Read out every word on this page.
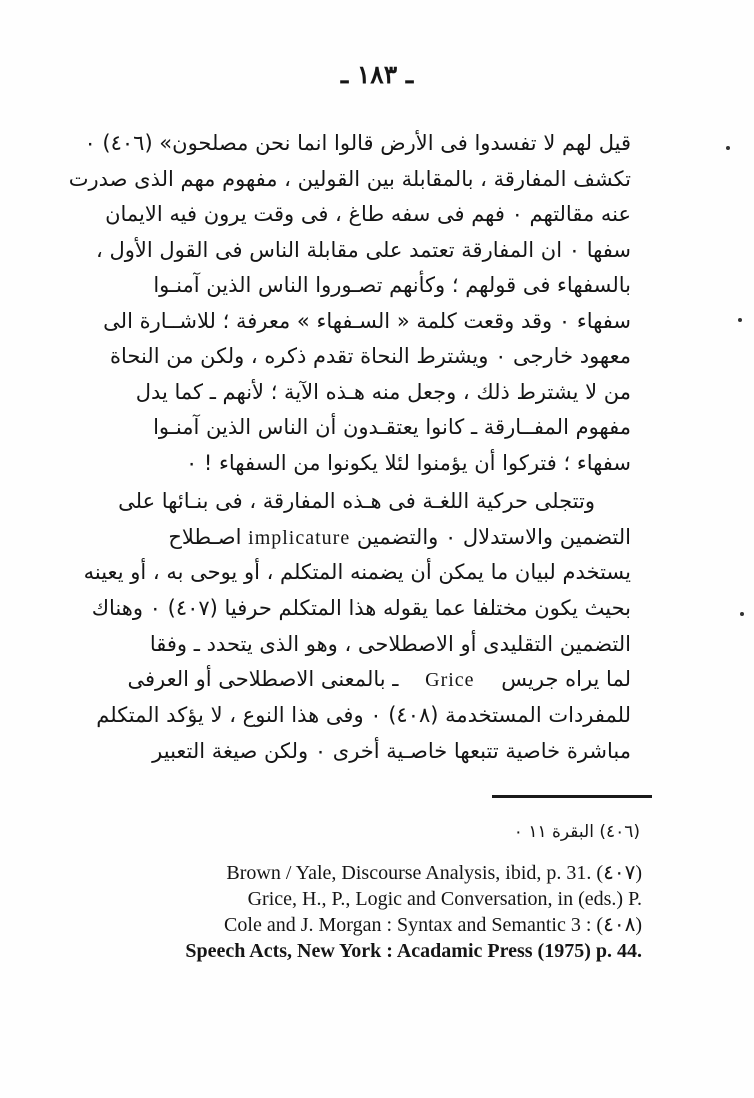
ـ ١٨٣ ـ
قيل لهم لا تفسدوا فى الأرض قالوا انما نحن مصلحون» (٤٠٦) ٠
تكشف المفارقة ، بالمقابلة بين القولين ، مفهوم مهم الذى صدرت
عنه مقالتهم ٠ فهم فى سفه طاغ ، فى وقت يرون فيه الايمان
سفها ٠ ان المفارقة تعتمد على مقابلة الناس فى القول الأول ،
بالسفهاء فى قولهم ؛ وكأنهم تصـوروا الناس الذين آمنـوا
سفهاء ٠ وقد وقعت كلمة « السـفهاء » معرفة ؛ للاشــارة الى
معهود خارجى ٠ ويشترط النحاة تقدم ذكره ، ولكن من النحاة
من لا يشترط ذلك ، وجعل منه هـذه الآية ؛ لأنهم ـ كما يدل
مفهوم المفــارقة ـ كانوا يعتقـدون أن الناس الذين آمنـوا
سفهاء ؛ فتركوا أن يؤمنوا لئلا يكونوا من السفهاء ! ٠
وتتجلى حركية اللغـة فى هـذه المفارقة ، فى بنـائها على
التضمين والاستدلال ٠ والتضمين implicature اصـطلاح
يستخدم لبيان ما يمكن أن يضمنه المتكلم ، أو يوحى به ، أو يعينه
بحيث يكون مختلفا عما يقوله هذا المتكلم حرفيا (٤٠٧) ٠ وهناك
التضمين التقليدى أو الاصطلاحى ، وهو الذى يتحدد ـ وفقا
لما يراه جريس    Grice    ـ بالمعنى الاصطلاحى أو العرفى
للمفردات المستخدمة (٤٠٨) ٠ وفى هذا النوع ، لا يؤكد المتكلم
مباشرة خاصية تتبعها خاصـية أخرى ٠ ولكن صيغة التعبير
(٤٠٦) البقرة ١١ ٠
(٤٠٧) Brown / Yale, Discourse Analysis, ibid, p. 31.
Grice, H., P., Logic and Conversation, in (eds.) P.
(٤٠٨) Cole and J. Morgan : Syntax and Semantic 3 :
Speech Acts, New York : Acadamic Press (1975) p. 44.
